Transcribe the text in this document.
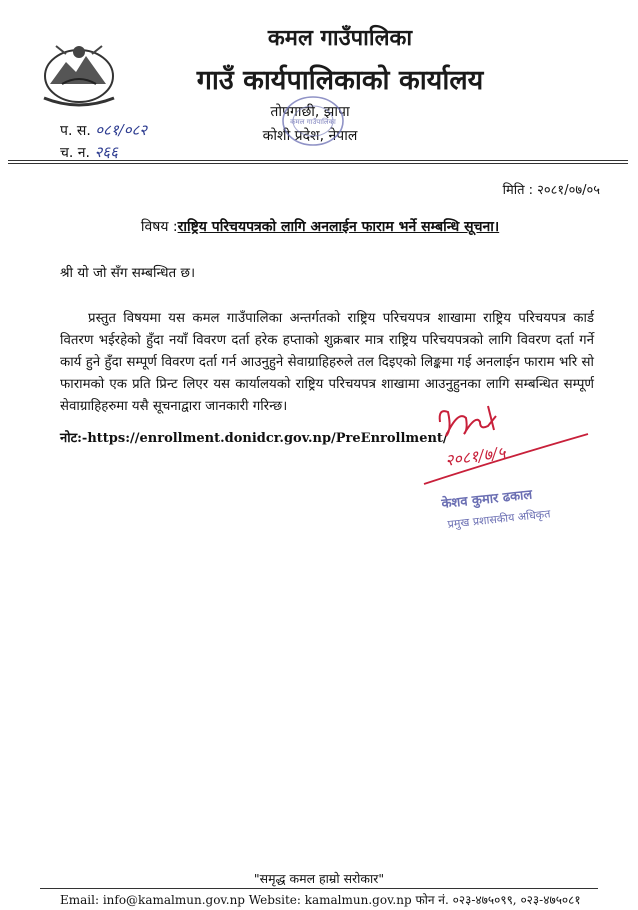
कमल गाउँपालिका
गाउँ कार्यपालिकाको कार्यालय
तोपगाछी, झापा
कोशी प्रदेश, नेपाल
कमल गाउँपालिका
प. स. ०८१/०८२
च. न. २६६
मिति : २०८१/०७/०५
विषय :राष्ट्रिय परिचयपत्रको लागि अनलाईन फाराम भर्ने सम्बन्धि सूचना।
श्री यो जो सँग सम्बन्धित छ।
प्रस्तुत विषयमा यस कमल गाउँपालिका अन्तर्गतको राष्ट्रिय परिचयपत्र शाखामा राष्ट्रिय परिचयपत्र कार्ड वितरण भईरहेको हुँदा नयाँ विवरण दर्ता हरेक हप्ताको शुक्रबार मात्र राष्ट्रिय परिचयपत्रको लागि विवरण दर्ता गर्ने कार्य हुने हुँदा सम्पूर्ण विवरण दर्ता गर्न आउनुहुने सेवाग्राहिहरुले तल दिइएको लिङ्कमा गई अनलाईन फाराम भरि सो फारामको एक प्रति प्रिन्ट लिएर यस कार्यालयको राष्ट्रिय परिचयपत्र शाखामा आउनुहुनका लागि सम्बन्धित सम्पूर्ण सेवाग्राहिहरुमा यसै सूचनाद्वारा जानकारी गरिन्छ।
नोट:-https://enrollment.donidcr.gov.np/PreEnrollment/
२०८१/७/५
केशव कुमार ढकाल
प्रमुख प्रशासकीय अधिकृत
"समृद्ध कमल हाम्रो सरोकार"
Email: info@kamalmun.gov.np Website: kamalmun.gov.np फोन नं. ०२३-४७५०९९, ०२३-४७५०८१
